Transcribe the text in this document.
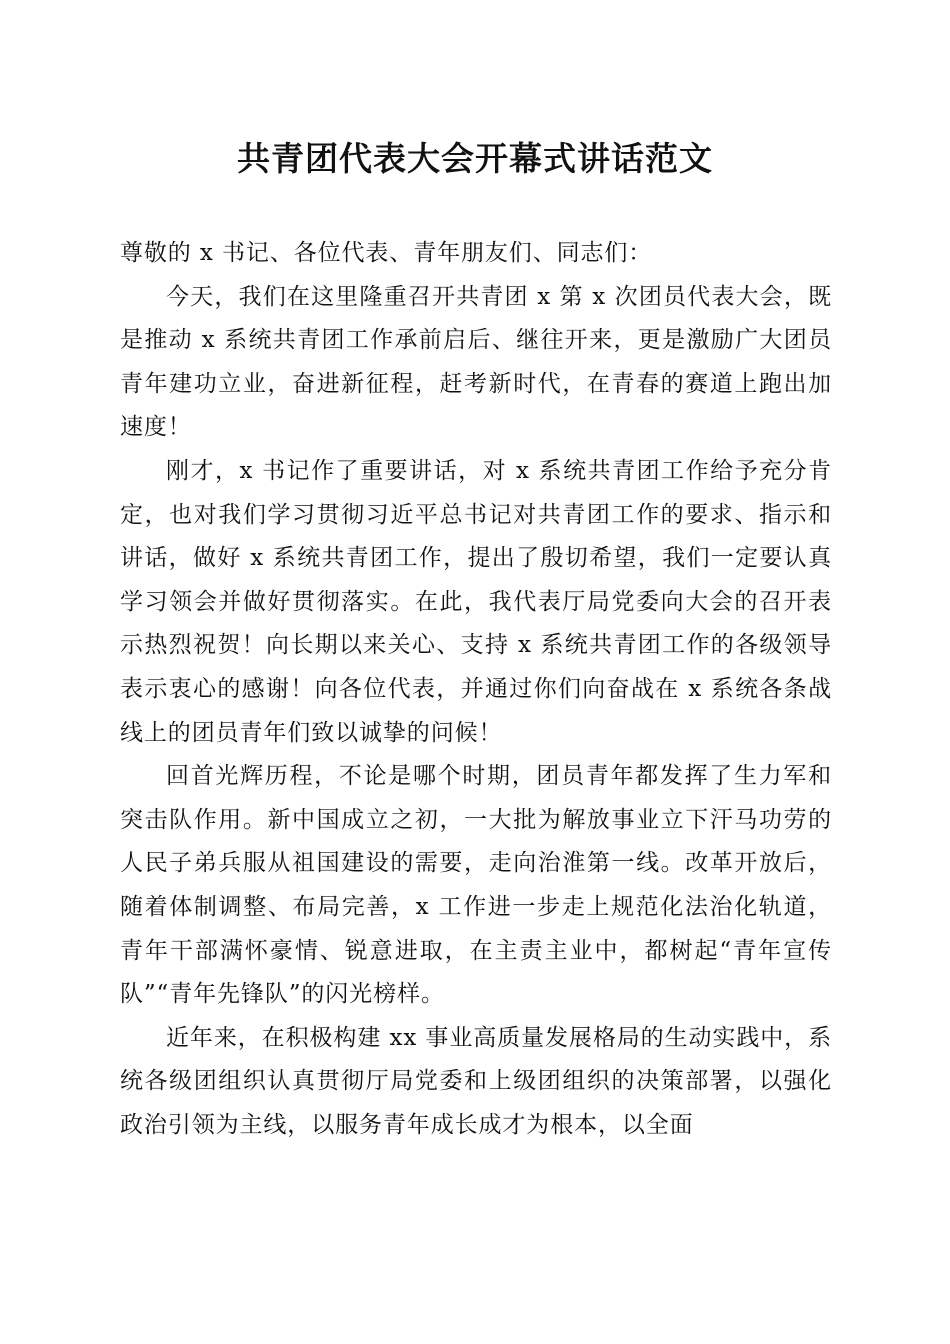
共青团代表大会开幕式讲话范文

尊敬的 x 书记、各位代表、青年朋友们、同志们：

今天，我们在这里隆重召开共青团 x 第 x 次团员代表大会，既是推动 x 系统共青团工作承前启后、继往开来，更是激励广大团员青年建功立业，奋进新征程，赶考新时代，在青春的赛道上跑出加速度！

刚才，x 书记作了重要讲话，对 x 系统共青团工作给予充分肯定，也对我们学习贯彻习近平总书记对共青团工作的要求、指示和讲话，做好 x 系统共青团工作，提出了殷切希望，我们一定要认真学习领会并做好贯彻落实。在此，我代表厅局党委向大会的召开表示热烈祝贺！向长期以来关心、支持 x 系统共青团工作的各级领导表示衷心的感谢！向各位代表，并通过你们向奋战在 x 系统各条战线上的团员青年们致以诚挚的问候！

回首光辉历程，不论是哪个时期，团员青年都发挥了生力军和突击队作用。新中国成立之初，一大批为解放事业立下汗马功劳的人民子弟兵服从祖国建设的需要，走向治淮第一线。改革开放后，随着体制调整、布局完善，x 工作进一步走上规范化法治化轨道，青年干部满怀豪情、锐意进取，在主责主业中，都树起“青年宣传队”“青年先锋队”的闪光榜样。

近年来，在积极构建 xx 事业高质量发展格局的生动实践中，系统各级团组织认真贯彻厅局党委和上级团组织的决策部署，以强化政治引领为主线，以服务青年成长成才为根本，以全面
